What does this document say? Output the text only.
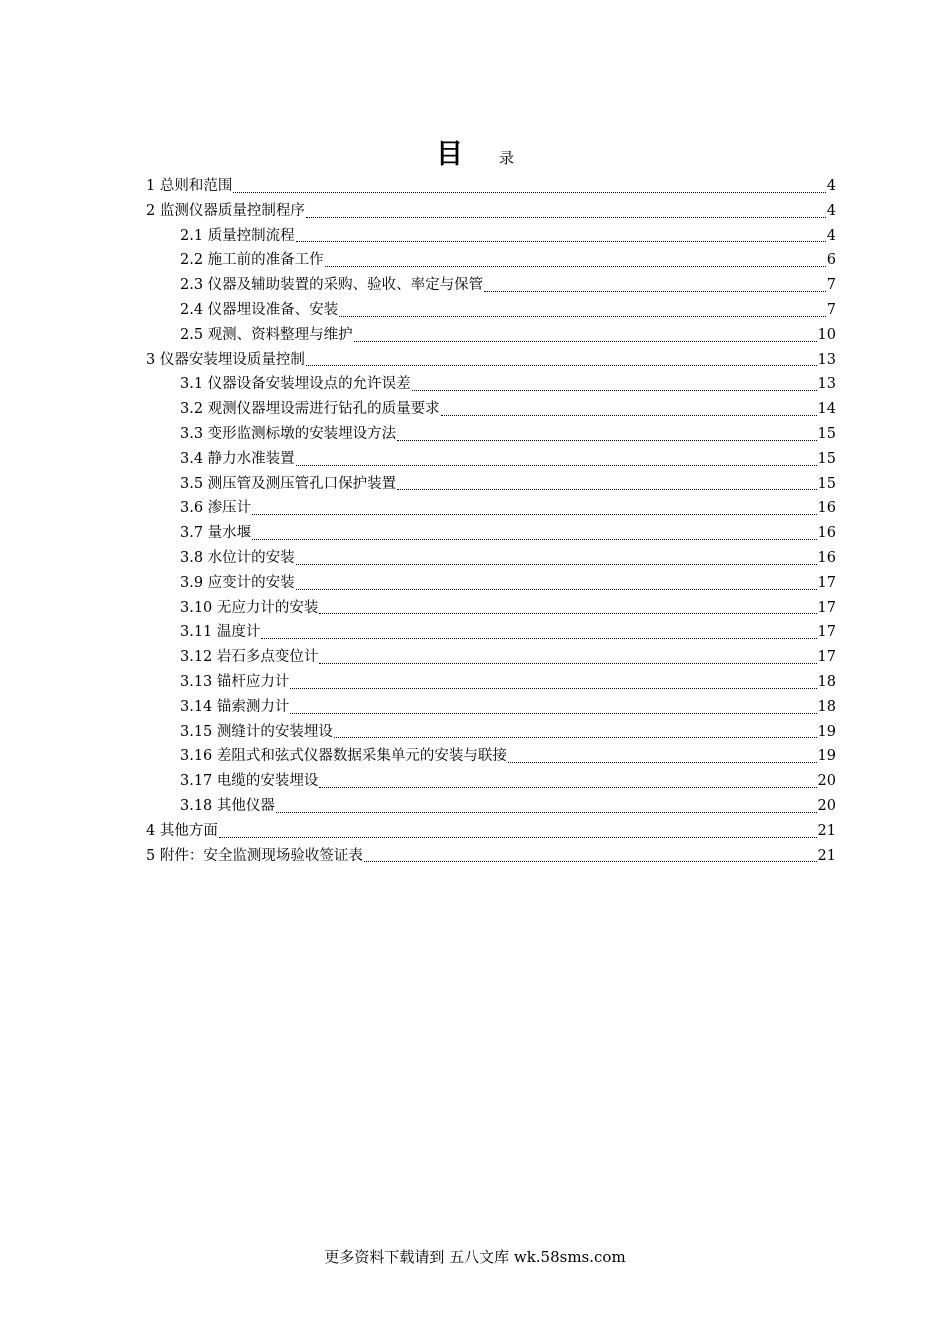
目 录
1 总则和范围	4
2 监测仪器质量控制程序	4
2.1 质量控制流程	4
2.2 施工前的准备工作	6
2.3 仪器及辅助装置的采购、验收、率定与保管	7
2.4 仪器埋设准备、安装	7
2.5 观测、资料整理与维护	10
3 仪器安装埋设质量控制	13
3.1 仪器设备安装埋设点的允许误差	13
3.2 观测仪器埋设需进行钻孔的质量要求	14
3.3 变形监测标墩的安装埋设方法	15
3.4 静力水准装置	15
3.5 测压管及测压管孔口保护装置	15
3.6 渗压计	16
3.7 量水堰	16
3.8 水位计的安装	16
3.9 应变计的安装	17
3.10 无应力计的安装	17
3.11 温度计	17
3.12 岩石多点变位计	17
3.13 锚杆应力计	18
3.14 锚索测力计	18
3.15 测缝计的安装埋设	19
3.16 差阻式和弦式仪器数据采集单元的安装与联接	19
3.17 电缆的安装埋设	20
3.18 其他仪器	20
4 其他方面	21
5 附件：安全监测现场验收签证表	21
更多资料下载请到 五八文库 wk.58sms.com
